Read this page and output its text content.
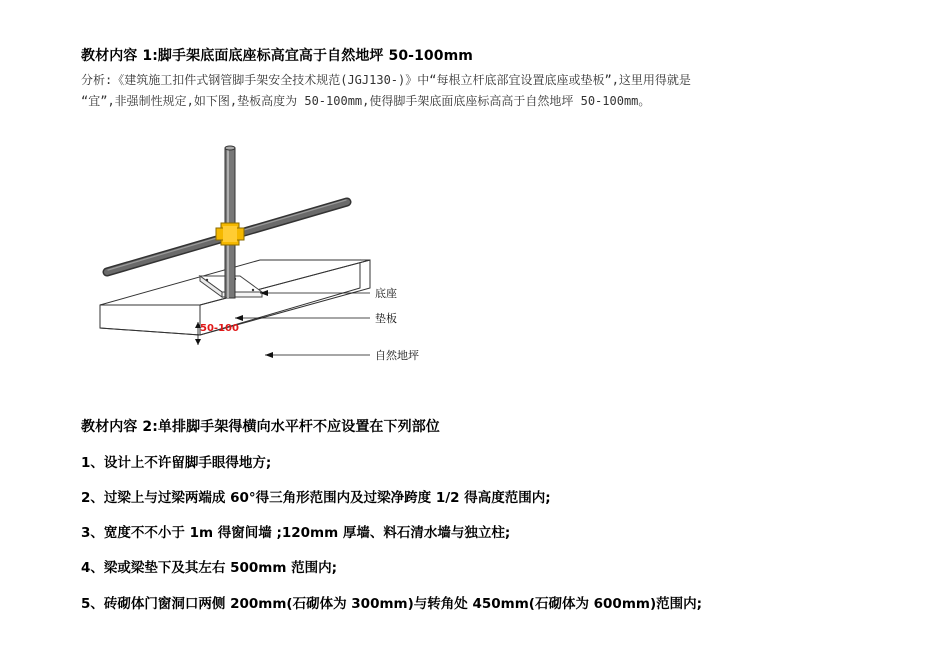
教材内容 1:脚手架底面底座标高宜高于自然地坪 50-100mm
分析:《建筑施工扣件式钢管脚手架安全技术规范(JGJ130-)》中“每根立杆底部宜设置底座或垫板”,这里用得就是
“宜”,非强制性规定,如下图,垫板高度为 50-100mm,使得脚手架底面底座标高高于自然地坪 50-100mm。
50-100
底座
垫板
自然地坪
教材内容 2:单排脚手架得横向水平杆不应设置在下列部位
1、设计上不许留脚手眼得地方;
2、过梁上与过梁两端成 60°得三角形范围内及过梁净跨度 1/2 得高度范围内;
3、宽度不不小于 1m 得窗间墙 ;120mm 厚墙、料石清水墙与独立柱;
4、梁或梁垫下及其左右 500mm 范围内;
5、砖砌体门窗洞口两侧 200mm(石砌体为 300mm)与转角处 450mm(石砌体为 600mm)范围内;
